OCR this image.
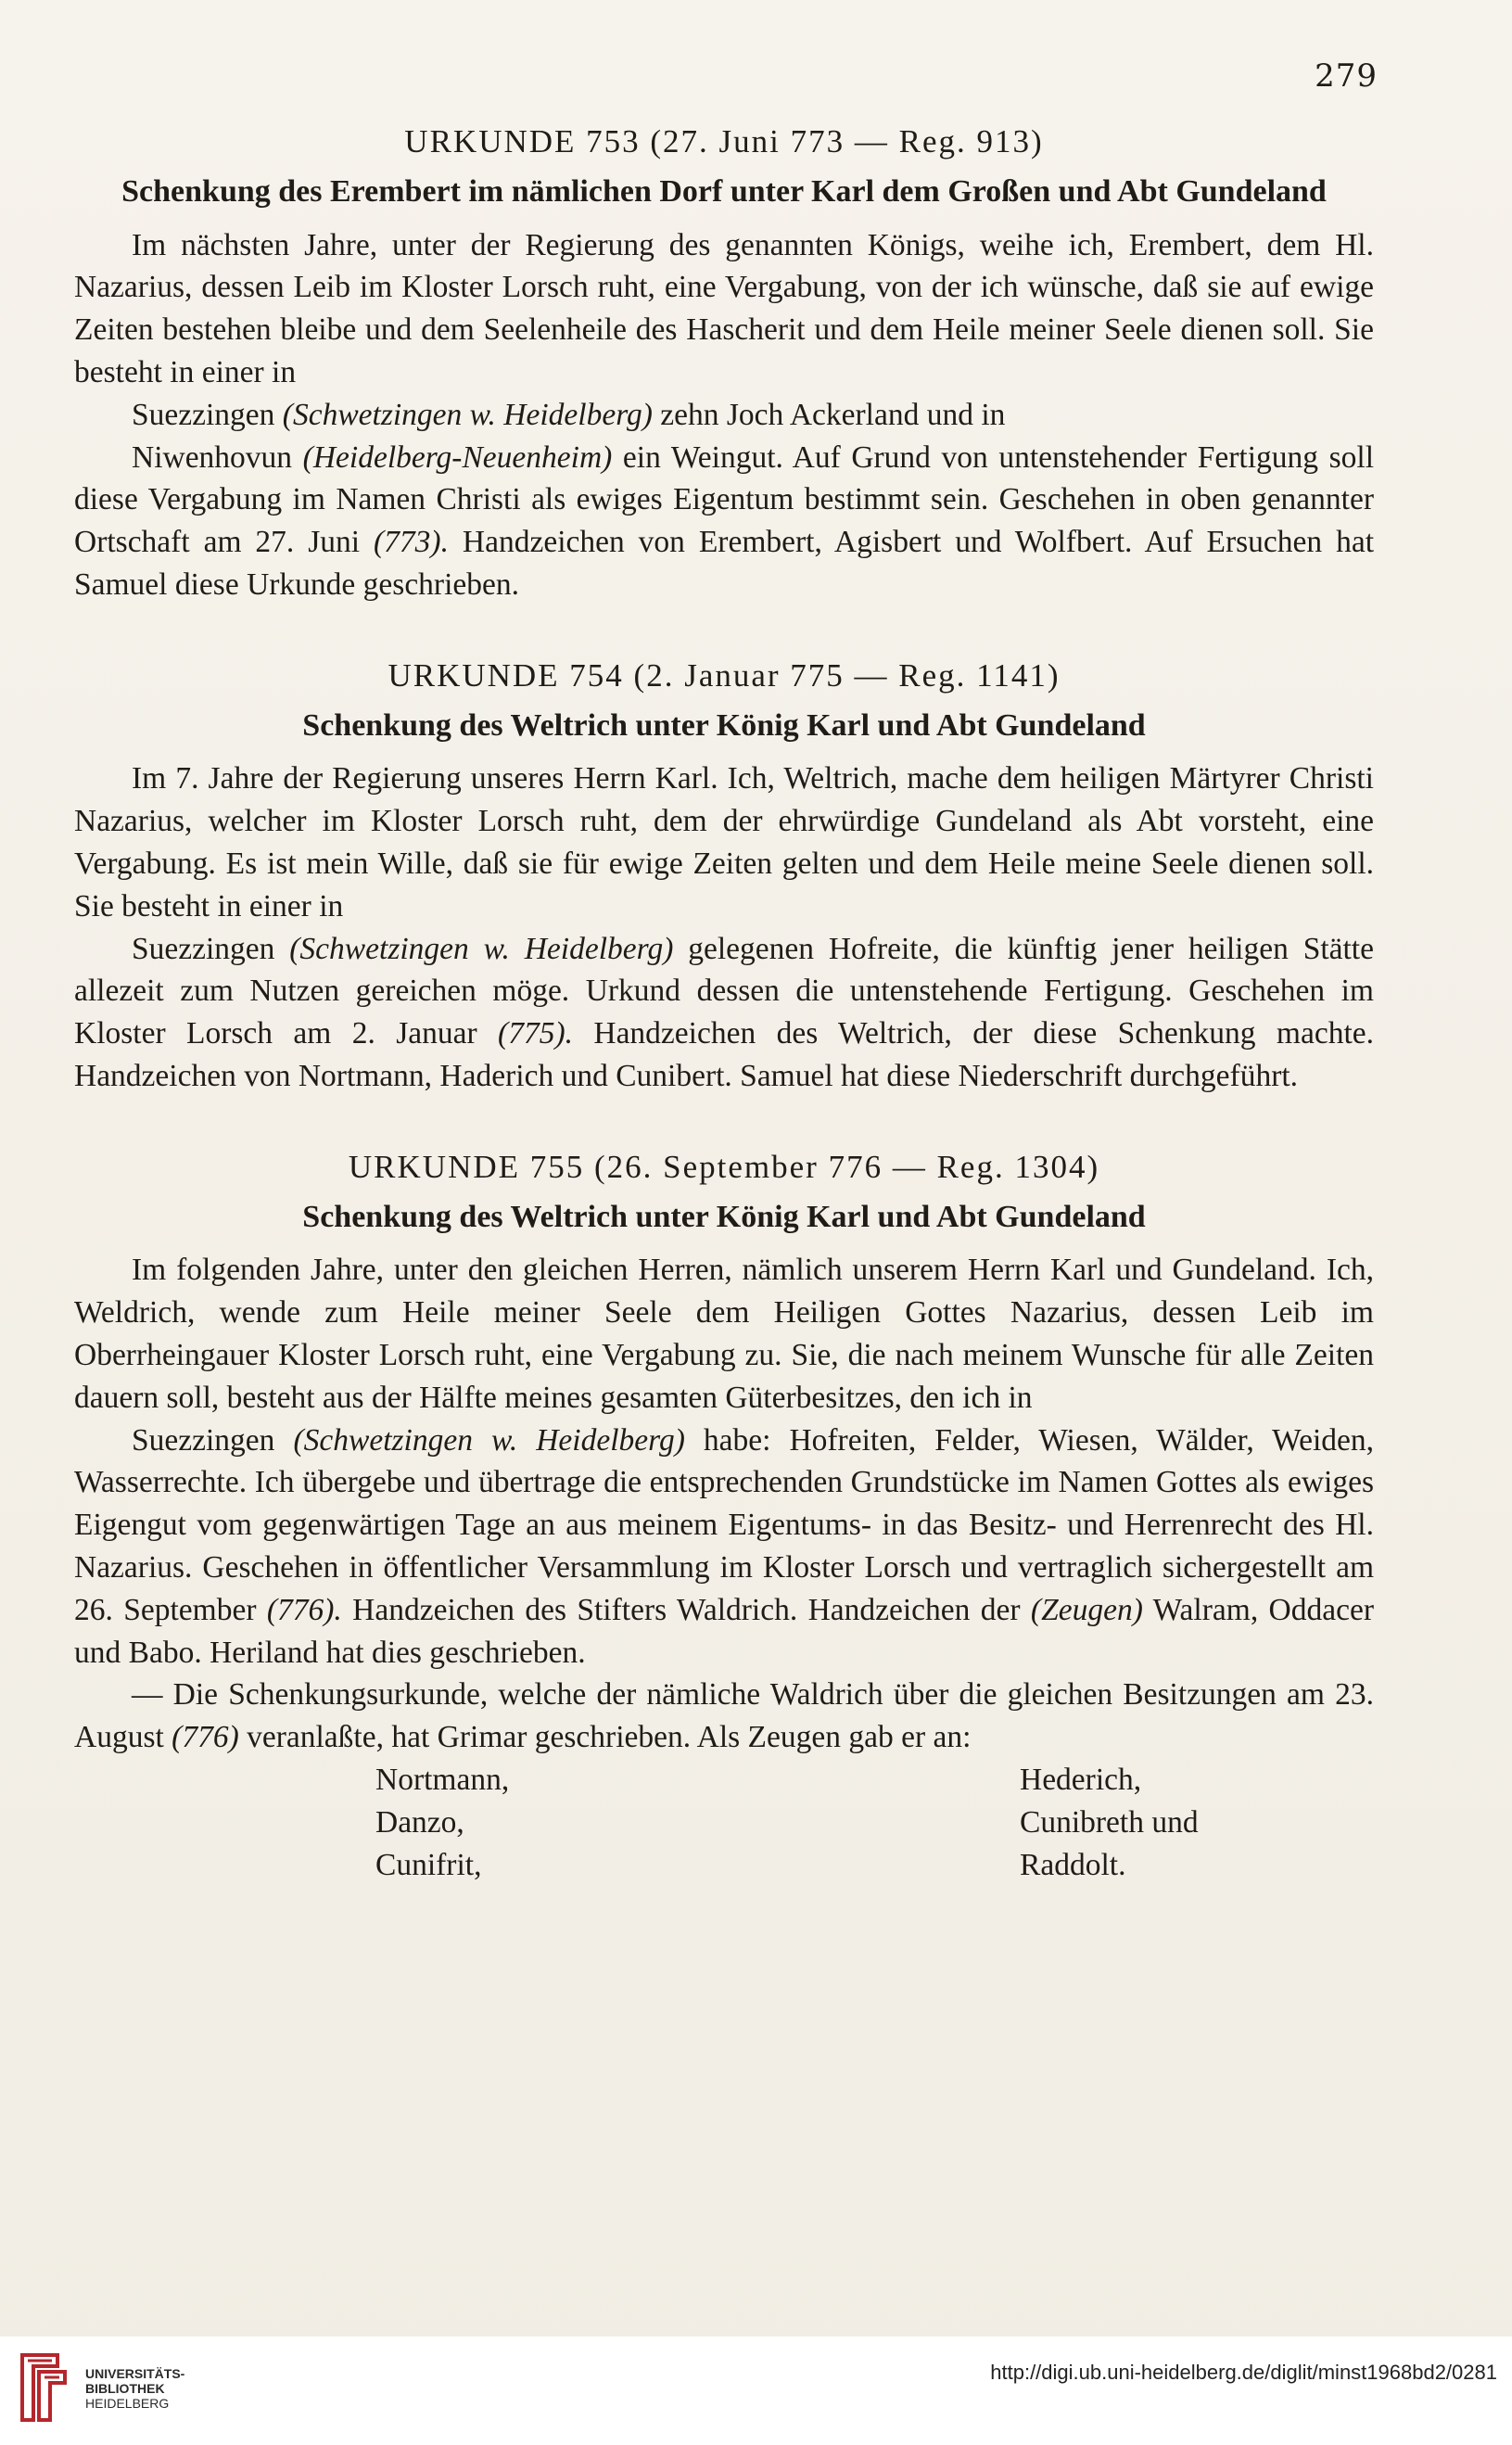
279
URKUNDE 753 (27. Juni 773 — Reg. 913)
Schenkung des Erembert im nämlichen Dorf unter Karl dem Großen und Abt Gundeland

Im nächsten Jahre, unter der Regierung des genannten Königs, weihe ich, Erembert, dem Hl. Nazarius, dessen Leib im Kloster Lorsch ruht, eine Vergabung, von der ich wünsche, daß sie auf ewige Zeiten bestehen bleibe und dem Seelenheile des Hascherit und dem Heile meiner Seele dienen soll. Sie besteht in einer in

Suezzingen (Schwetzingen w. Heidelberg) zehn Joch Ackerland und in

Niwenhovun (Heidelberg-Neuenheim) ein Weingut. Auf Grund von untenstehender Fertigung soll diese Vergabung im Namen Christi als ewiges Eigentum bestimmt sein. Geschehen in oben genannter Ortschaft am 27. Juni (773). Handzeichen von Erembert, Agisbert und Wolfbert. Auf Ersuchen hat Samuel diese Urkunde geschrieben.

URKUNDE 754 (2. Januar 775 — Reg. 1141)
Schenkung des Weltrich unter König Karl und Abt Gundeland

Im 7. Jahre der Regierung unseres Herrn Karl. Ich, Weltrich, mache dem heiligen Märtyrer Christi Nazarius, welcher im Kloster Lorsch ruht, dem der ehrwürdige Gundeland als Abt vorsteht, eine Vergabung. Es ist mein Wille, daß sie für ewige Zeiten gelten und dem Heile meine Seele dienen soll. Sie besteht in einer in

Suezzingen (Schwetzingen w. Heidelberg) gelegenen Hofreite, die künftig jener heiligen Stätte allezeit zum Nutzen gereichen möge. Urkund dessen die untenstehende Fertigung. Geschehen im Kloster Lorsch am 2. Januar (775). Handzeichen des Weltrich, der diese Schenkung machte. Handzeichen von Nortmann, Haderich und Cunibert. Samuel hat diese Niederschrift durchgeführt.

URKUNDE 755 (26. September 776 — Reg. 1304)
Schenkung des Weltrich unter König Karl und Abt Gundeland

Im folgenden Jahre, unter den gleichen Herren, nämlich unserem Herrn Karl und Gundeland. Ich, Weldrich, wende zum Heile meiner Seele dem Heiligen Gottes Nazarius, dessen Leib im Oberrheingauer Kloster Lorsch ruht, eine Vergabung zu. Sie, die nach meinem Wunsche für alle Zeiten dauern soll, besteht aus der Hälfte meines gesamten Güterbesitzes, den ich in

Suezzingen (Schwetzingen w. Heidelberg) habe: Hofreiten, Felder, Wiesen, Wälder, Weiden, Wasserrechte. Ich übergebe und übertrage die entsprechenden Grundstücke im Namen Gottes als ewiges Eigengut vom gegenwärtigen Tage an aus meinem Eigentums- in das Besitz- und Herrenrecht des Hl. Nazarius. Geschehen in öffentlicher Versammlung im Kloster Lorsch und vertraglich sichergestellt am 26. September (776). Handzeichen des Stifters Waldrich. Handzeichen der (Zeugen) Walram, Oddacer und Babo. Heriland hat dies geschrieben.

— Die Schenkungsurkunde, welche der nämliche Waldrich über die gleichen Besitzungen am 23. August (776) veranlaßte, hat Grimar geschrieben. Als Zeugen gab er an:

Nortmann,	Hederich,
Danzo,	Cunibreth und
Cunifrit,	Raddolt.
UNIVERSITÄTS-
BIBLIOTHEK
HEIDELBERG
http://digi.ub.uni-heidelberg.de/diglit/minst1968bd2/0281
